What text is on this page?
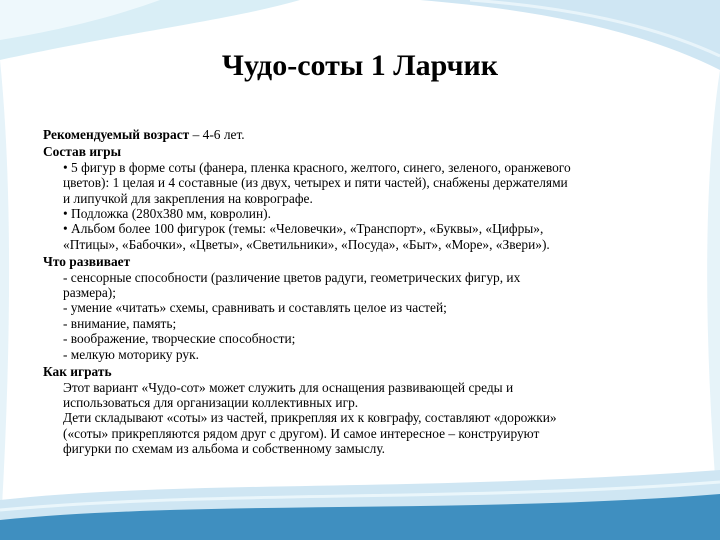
Чудо-соты 1 Ларчик

Рекомендуемый возраст – 4-6 лет.

Состав игры

• 5 фигур в форме соты (фанера, пленка красного, желтого, синего, зеленого, оранжевого

цветов): 1 целая и 4 составные (из двух, четырех и пяти частей), снабжены держателями

и липучкой для закрепления на коврографе.

• Подложка (280х380 мм, ковролин).

• Альбом более 100 фигурок (темы: «Человечки», «Транспорт», «Буквы», «Цифры»,

«Птицы», «Бабочки», «Цветы», «Светильники», «Посуда», «Быт», «Море», «Звери»).

Что развивает

- сенсорные способности (различение цветов радуги, геометрических фигур, их

размера);

- умение «читать» схемы, сравнивать и составлять целое из частей;

- внимание, память;

- воображение, творческие способности;

- мелкую моторику рук.

Как играть

Этот вариант «Чудо-сот» может служить для оснащения развивающей среды и

использоваться для организации коллективных игр.

Дети складывают «соты» из частей, прикрепляя их к ковграфу, составляют «дорожки»

(«соты» прикрепляются рядом друг с другом). И самое интересное – конструируют

фигурки по схемам из альбома и собственному замыслу.
